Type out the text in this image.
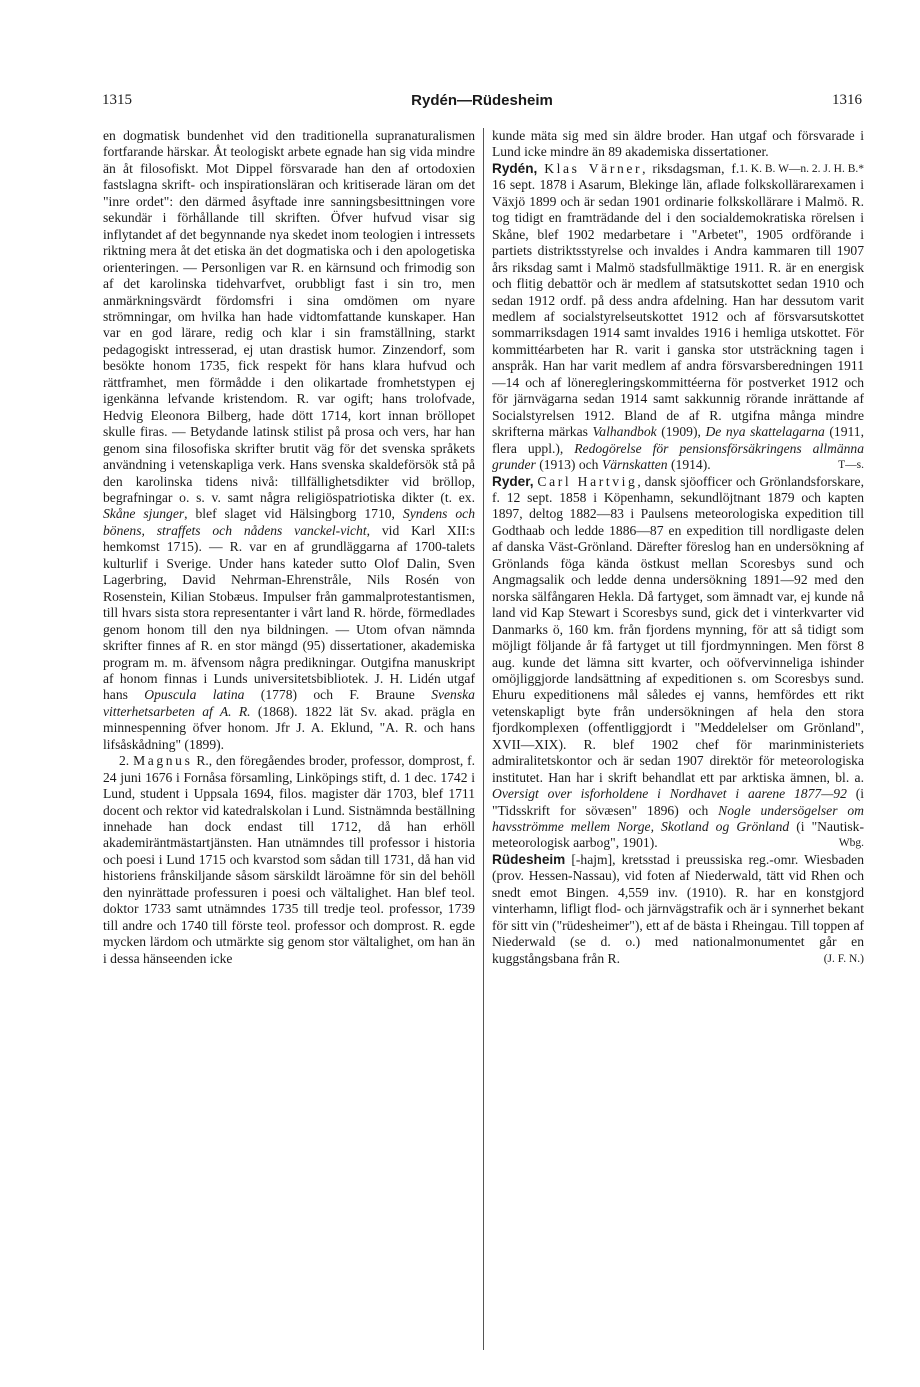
1315	Rydén—Rüdesheim	1316

en dogmatisk bundenhet vid den traditionella supranaturalismen fortfarande härskar. Åt teologiskt arbete egnade han sig vida mindre än åt filosofiskt. Mot Dippel försvarade han den af ortodoxien fastslagna skrift- och inspirationsläran och kritiserade läran om det "inre ordet": den därmed åsyftade inre sanningsbesittningen vore sekundär i förhållande till skriften. Öfver hufvud visar sig inflytandet af det begynnande nya skedet inom teologien i intressets riktning mera åt det etiska än det dogmatiska och i den apologetiska orienteringen. — Personligen var R. en kärnsund och frimodig son af det karolinska tidehvarfvet, orubbligt fast i sin tro, men anmärkningsvärdt fördomsfri i sina omdömen om nyare strömningar, om hvilka han hade vidtomfattande kunskaper. Han var en god lärare, redig och klar i sin framställning, starkt pedagogiskt intresserad, ej utan drastisk humor. Zinzendorf, som besökte honom 1735, fick respekt för hans klara hufvud och rättframhet, men förmådde i den olikartade fromhetstypen ej igenkänna lefvande kristendom. R. var ogift; hans trolofvade, Hedvig Eleonora Bilberg, hade dött 1714, kort innan bröllopet skulle firas. — Betydande latinsk stilist på prosa och vers, har han genom sina filosofiska skrifter brutit väg för det svenska språkets användning i vetenskapliga verk. Hans svenska skaldeförsök stå på den karolinska tidens nivå: tillfällighetsdikter vid bröllop, begrafningar o. s. v. samt några religiöspatriotiska dikter (t. ex. Skåne sjunger, blef slaget vid Hälsingborg 1710, Syndens och bönens, straffets och nådens vanckel-vicht, vid Karl XII:s hemkomst 1715). — R. var en af grundläggarna af 1700-talets kulturlif i Sverige. Under hans kateder sutto Olof Dalin, Sven Lagerbring, David Nehrman-Ehrenstråle, Nils Rosén von Rosenstein, Kilian Stobæus. Impulser från gammalprotestantismen, till hvars sista stora representanter i vårt land R. hörde, förmedlades genom honom till den nya bildningen. — Utom ofvan nämnda skrifter finnes af R. en stor mängd (95) dissertationer, akademiska program m. m. äfvensom några predikningar. Outgifna manuskript af honom finnas i Lunds universitetsbibliotek. J. H. Lidén utgaf hans Opuscula latina (1778) och F. Braune Svenska vitterhetsarbeten af A. R. (1868). 1822 lät Sv. akad. prägla en minnespenning öfver honom. Jfr J. A. Eklund, "A. R. och hans lifsåskådning" (1899).

2. Magnus R., den föregåendes broder, professor, domprost, f. 24 juni 1676 i Fornåsa församling, Linköpings stift, d. 1 dec. 1742 i Lund, student i Uppsala 1694, filos. magister där 1703, blef 1711 docent och rektor vid katedralskolan i Lund. Sistnämnda beställning innehade han dock endast till 1712, då han erhöll akademiräntmästartjänsten. Han utnämndes till professor i historia och poesi i Lund 1715 och kvarstod som sådan till 1731, då han vid historiens frånskiljande såsom särskildt läroämne för sin del behöll den nyinrättade professuren i poesi och vältalighet. Han blef teol. doktor 1733 samt utnämndes 1735 till tredje teol. professor, 1739 till andre och 1740 till förste teol. professor och domprost. R. egde mycken lärdom och utmärkte sig genom stor vältalighet, om han än i dessa hänseenden icke

kunde mäta sig med sin äldre broder. Han utgaf och försvarade i Lund icke mindre än 89 akademiska dissertationer.
1. K. B. W—n. 2. J. H. B.*

Rydén, Klas Värner, riksdagsman, f. 16 sept. 1878 i Asarum, Blekinge län, aflade folkskollärarexamen i Växjö 1899 och är sedan 1901 ordinarie folkskollärare i Malmö. R. tog tidigt en framträdande del i den socialdemokratiska rörelsen i Skåne, blef 1902 medarbetare i "Arbetet", 1905 ordförande i partiets distriktsstyrelse och invaldes i Andra kammaren till 1907 års riksdag samt i Malmö stadsfullmäktige 1911. R. är en energisk och flitig debattör och är medlem af statsutskottet sedan 1910 och sedan 1912 ordf. på dess andra afdelning. Han har dessutom varit medlem af socialstyrelseutskottet 1912 och af försvarsutskottet sommarriksdagen 1914 samt invaldes 1916 i hemliga utskottet. För kommittéarbeten har R. varit i ganska stor utsträckning tagen i anspråk. Han har varit medlem af andra försvarsberedningen 1911—14 och af löneregleringskommittéerna för postverket 1912 och för järnvägarna sedan 1914 samt sakkunnig rörande inrättande af Socialstyrelsen 1912. Bland de af R. utgifna många mindre skrifterna märkas Valhandbok (1909), De nya skattelagarna (1911, flera uppl.), Redogörelse för pensionsförsäkringens allmänna grunder (1913) och Värnskatten (1914).	T—s.

Ryder, Carl Hartvig, dansk sjöofficer och Grönlandsforskare, f. 12 sept. 1858 i Köpenhamn, sekundlöjtnant 1879 och kapten 1897, deltog 1882—83 i Paulsens meteorologiska expedition till Godthaab och ledde 1886—87 en expedition till nordligaste delen af danska Väst-Grönland. Därefter föreslog han en undersökning af Grönlands föga kända östkust mellan Scoresbys sund och Angmagsalik och ledde denna undersökning 1891—92 med den norska sälfångaren Hekla. Då fartyget, som ämnadt var, ej kunde nå land vid Kap Stewart i Scoresbys sund, gick det i vinterkvarter vid Danmarks ö, 160 km. från fjordens mynning, för att så tidigt som möjligt följande år få fartyget ut till fjordmynningen. Men först 8 aug. kunde det lämna sitt kvarter, och oöfvervinneliga ishinder omöjliggjorde landsättning af expeditionen s. om Scoresbys sund. Ehuru expeditionens mål således ej vanns, hemfördes ett rikt vetenskapligt byte från undersökningen af hela den stora fjordkomplexen (offentliggjordt i "Meddelelser om Grönland", XVII—XIX). R. blef 1902 chef för marinministeriets admiralitetskontor och är sedan 1907 direktör för meteorologiska institutet. Han har i skrift behandlat ett par arktiska ämnen, bl. a. Oversigt over isforholdene i Nordhavet i aarene 1877—92 (i "Tidsskrift for sövæsen" 1896) och Nogle undersögelser om havsströmme mellem Norge, Skotland og Grönland (i "Nautisk-meteorologisk aarbog", 1901).	Wbg.

Rüdesheim [-hajm], kretsstad i preussiska reg.-omr. Wiesbaden (prov. Hessen-Nassau), vid foten af Niederwald, tätt vid Rhen och snedt emot Bingen. 4,559 inv. (1910). R. har en konstgjord vinterhamn, lifligt flod- och järnvägstrafik och är i synnerhet bekant för sitt vin ("rüdesheimer"), ett af de bästa i Rheingau. Till toppen af Niederwald (se d. o.) med nationalmonumentet går en kuggstångsbana från R.	(J. F. N.)
